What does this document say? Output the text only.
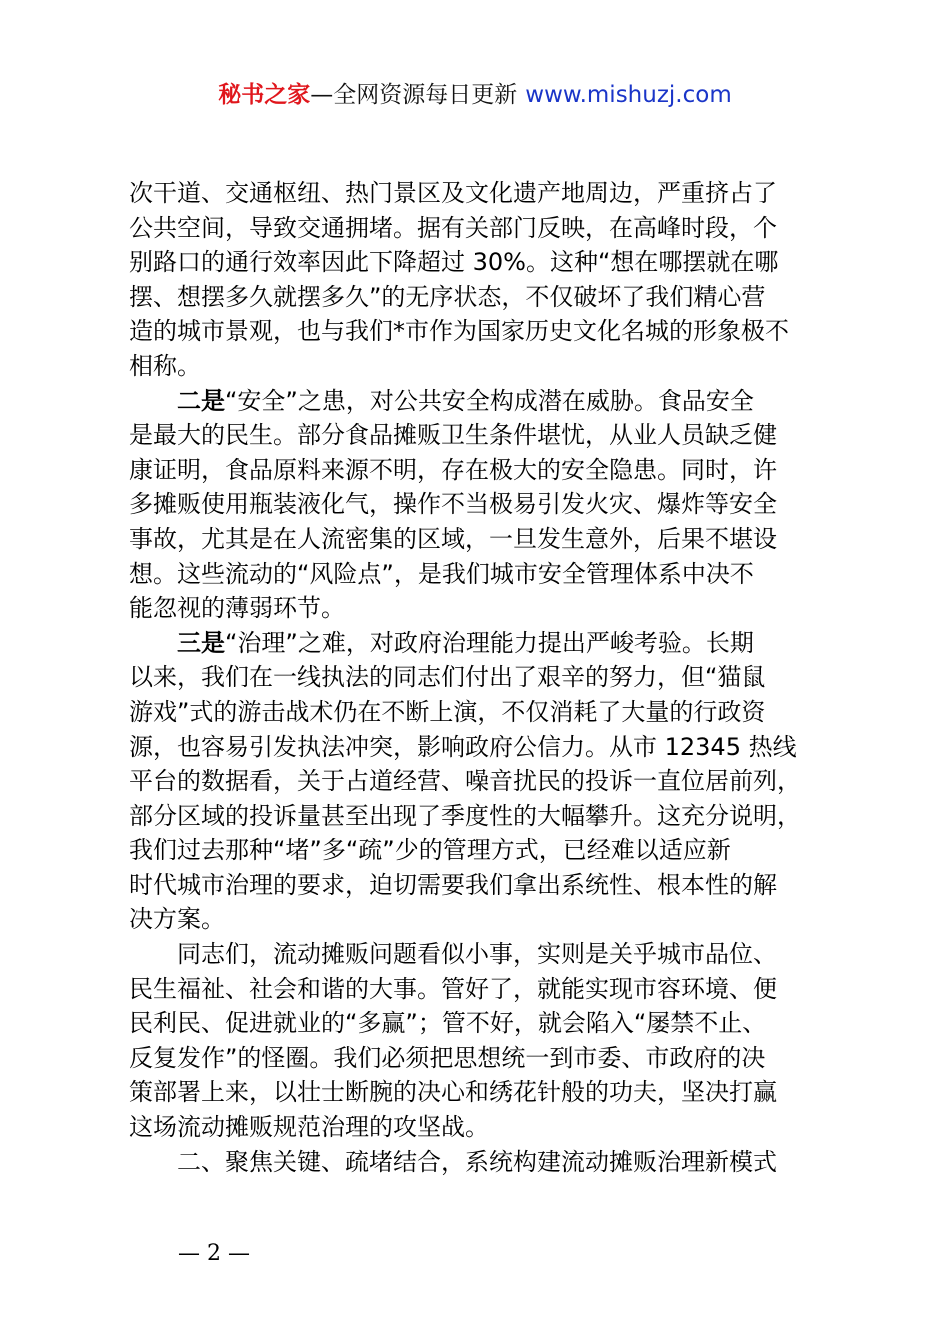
秘书之家—全网资源每日更新 www.mishuzj.com
次干道、交通枢纽、热门景区及文化遗产地周边，严重挤占了
公共空间，导致交通拥堵。据有关部门反映，在高峰时段，个
别路口的通行效率因此下降超过 30%。这种“想在哪摆就在哪
摆、想摆多久就摆多久”的无序状态，不仅破坏了我们精心营
造的城市景观，也与我们*市作为国家历史文化名城的形象极不
相称。
二是“安全”之患，对公共安全构成潜在威胁。食品安全
是最大的民生。部分食品摊贩卫生条件堪忧，从业人员缺乏健
康证明，食品原料来源不明，存在极大的安全隐患。同时，许
多摊贩使用瓶装液化气，操作不当极易引发火灾、爆炸等安全
事故，尤其是在人流密集的区域，一旦发生意外，后果不堪设
想。这些流动的“风险点”，是我们城市安全管理体系中决不
能忽视的薄弱环节。
三是“治理”之难，对政府治理能力提出严峻考验。长期
以来，我们在一线执法的同志们付出了艰辛的努力，但“猫鼠
游戏”式的游击战术仍在不断上演，不仅消耗了大量的行政资
源，也容易引发执法冲突，影响政府公信力。从市 12345 热线
平台的数据看，关于占道经营、噪音扰民的投诉一直位居前列，
部分区域的投诉量甚至出现了季度性的大幅攀升。这充分说明，
我们过去那种“堵”多“疏”少的管理方式，已经难以适应新
时代城市治理的要求，迫切需要我们拿出系统性、根本性的解
决方案。
同志们，流动摊贩问题看似小事，实则是关乎城市品位、
民生福祉、社会和谐的大事。管好了，就能实现市容环境、便
民利民、促进就业的“多赢”；管不好，就会陷入“屡禁不止、
反复发作”的怪圈。我们必须把思想统一到市委、市政府的决
策部署上来，以壮士断腕的决心和绣花针般的功夫，坚决打赢
这场流动摊贩规范治理的攻坚战。
二、聚焦关键、疏堵结合，系统构建流动摊贩治理新模式
— 2 —
